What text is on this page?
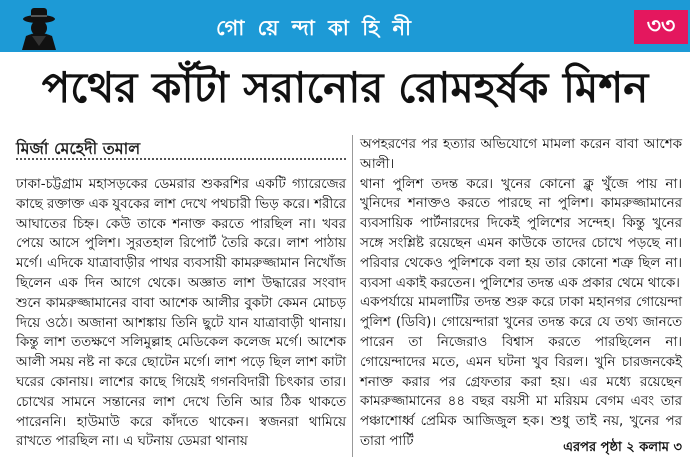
গো য়ে ন্দা কা হি নী	৩৩
পথের কাঁটা সরানোর রোমহর্ষক মিশন
মির্জা মেহেদী তমাল

ঢাকা-চট্টগ্রাম মহাসড়কের ডেমরার শুকরশির একটি গ্যারেজের কাছে রক্তাক্ত এক যুবকের লাশ দেখে পথচারী ভিড় করে। শরীরে আঘাতের চিহ্ন। কেউ তাকে শনাক্ত করতে পারছিল না। খবর পেয়ে আসে পুলিশ। সুরতহাল রিপোর্ট তৈরি করে। লাশ পাঠায় মর্গে। এদিকে যাত্রাবাড়ীর পাথর ব্যবসায়ী কামরুজ্জামান নিখোঁজ ছিলেন এক দিন আগে থেকে। অজ্ঞাত লাশ উদ্ধারের সংবাদ শুনে কামরুজ্জামানের বাবা আশেক আলীর বুকটা কেমন মোচড় দিয়ে ওঠে। অজানা আশঙ্কায় তিনি ছুটে যান যাত্রাবাড়ী থানায়। কিন্তু লাশ ততক্ষণে সলিমুল্লাহ মেডিকেল কলেজ মর্গে। আশেক আলী সময় নষ্ট না করে ছোটেন মর্গে। লাশ পড়ে ছিল লাশ কাটা ঘরের কোনায়। লাশের কাছে গিয়েই গগনবিদারী চিৎকার তার। চোখের সামনে সন্তানের লাশ দেখে তিনি আর ঠিক থাকতে পারেননি। হাউমাউ করে কাঁদতে থাকেন। স্বজনরা থামিয়ে রাখতে পারছিল না। এ ঘটনায় ডেমরা থানায়

অপহরণের পর হত্যার অভিযোগে মামলা করেন বাবা আশেক আলী।

থানা পুলিশ তদন্ত করে। খুনের কোনো ক্লু খুঁজে পায় না। খুনিদের শনাক্তও করতে পারছে না পুলিশ। কামরুজ্জামানের ব্যবসায়িক পার্টনারদের দিকেই পুলিশের সন্দেহ। কিন্তু খুনের সঙ্গে সংশ্লিষ্ট রয়েছেন এমন কাউকে তাদের চোখে পড়ছে না। পরিবার থেকেও পুলিশকে বলা হয় তার কোনো শত্রু ছিল না। ব্যবসা একাই করতেন। পুলিশের তদন্ত এক প্রকার থেমে থাকে।

একপর্যায়ে মামলাটির তদন্ত শুরু করে ঢাকা মহানগর গোয়েন্দা পুলিশ (ডিবি)। গোয়েন্দারা খুনের তদন্ত করে যে তথ্য জানতে পারেন তা নিজেরাও বিশ্বাস করতে পারছিলেন না। গোয়েন্দাদের মতে, এমন ঘটনা খুব বিরল। খুনি চারজনকেই শনাক্ত করার পর গ্রেফতার করা হয়। এর মধ্যে রয়েছেন কামরুজ্জামানের ৪৪ বছর বয়সী মা মরিয়ম বেগম এবং তার পঞ্চাশোর্ধ্ব প্রেমিক আজিজুল হক। শুধু তাই নয়, খুনের পর তারা পার্টি	এরপর পৃষ্ঠা ২ কলাম ৩
